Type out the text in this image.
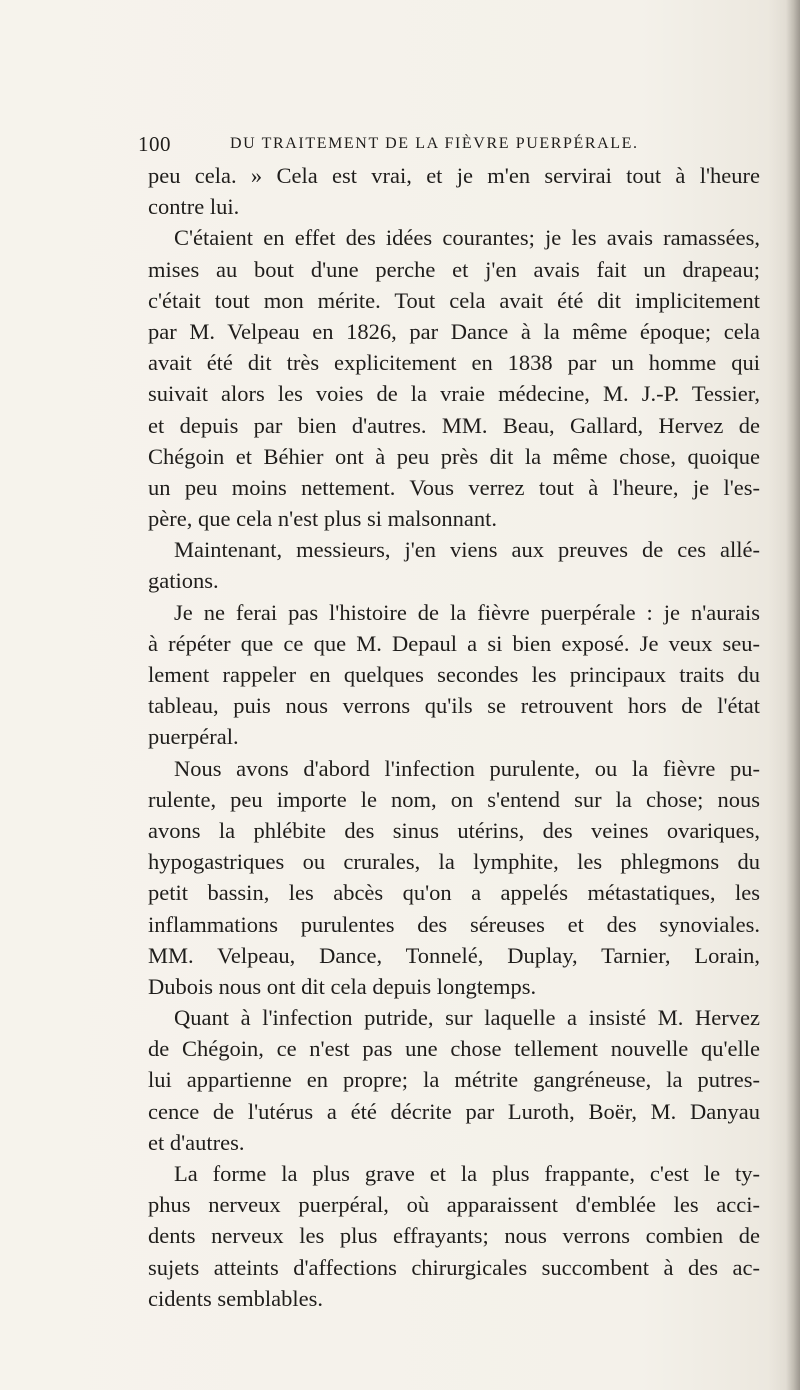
100	DU TRAITEMENT DE LA FIÈVRE PUERPÉRALE.
peu cela. » Cela est vrai, et je m'en servirai tout à l'heure
contre lui.
C'étaient en effet des idées courantes; je les avais ramassées,
mises au bout d'une perche et j'en avais fait un drapeau;
c'était tout mon mérite. Tout cela avait été dit implicitement
par M. Velpeau en 1826, par Dance à la même époque; cela
avait été dit très explicitement en 1838 par un homme qui
suivait alors les voies de la vraie médecine, M. J.-P. Tessier,
et depuis par bien d'autres. MM. Beau, Gallard, Hervez de
Chégoin et Béhier ont à peu près dit la même chose, quoique
un peu moins nettement. Vous verrez tout à l'heure, je l'es-
père, que cela n'est plus si malsonnant.
Maintenant, messieurs, j'en viens aux preuves de ces allé-
gations.
Je ne ferai pas l'histoire de la fièvre puerpérale : je n'aurais
à répéter que ce que M. Depaul a si bien exposé. Je veux seu-
lement rappeler en quelques secondes les principaux traits du
tableau, puis nous verrons qu'ils se retrouvent hors de l'état
puerpéral.
Nous avons d'abord l'infection purulente, ou la fièvre pu-
rulente, peu importe le nom, on s'entend sur la chose; nous
avons la phlébite des sinus utérins, des veines ovariques,
hypogastriques ou crurales, la lymphite, les phlegmons du
petit bassin, les abcès qu'on a appelés métastatiques, les
inflammations purulentes des séreuses et des synoviales.
MM. Velpeau, Dance, Tonnelé, Duplay, Tarnier, Lorain,
Dubois nous ont dit cela depuis longtemps.
Quant à l'infection putride, sur laquelle a insisté M. Hervez
de Chégoin, ce n'est pas une chose tellement nouvelle qu'elle
lui appartienne en propre; la métrite gangréneuse, la putres-
cence de l'utérus a été décrite par Luroth, Boër, M. Danyau
et d'autres.
La forme la plus grave et la plus frappante, c'est le ty-
phus nerveux puerpéral, où apparaissent d'emblée les acci-
dents nerveux les plus effrayants; nous verrons combien de
sujets atteints d'affections chirurgicales succombent à des ac-
cidents semblables.
